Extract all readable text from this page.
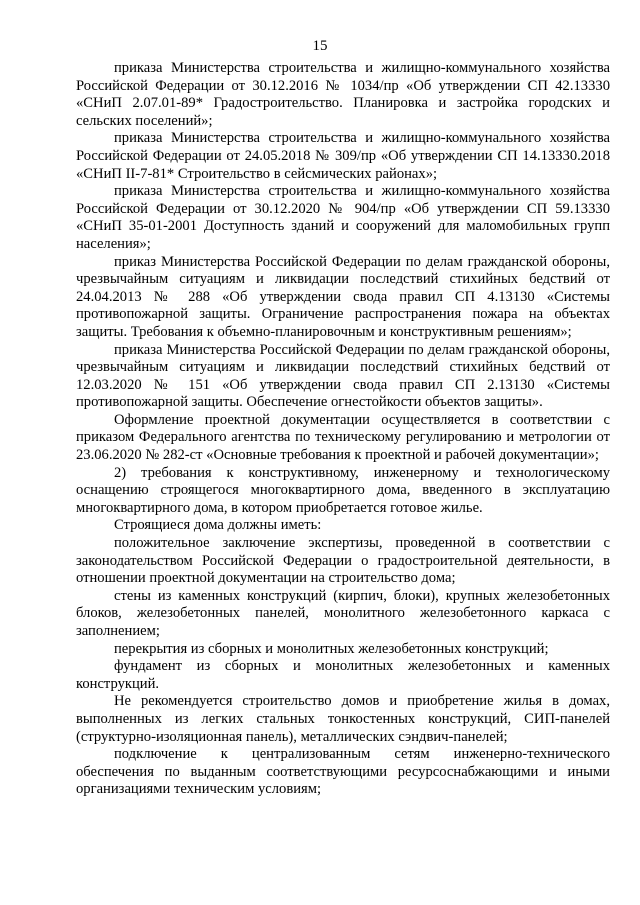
15

приказа Министерства строительства и жилищно-коммунального хозяйства Российской Федерации от 30.12.2016 № 1034/пр «Об утверждении СП 42.13330 «СНиП 2.07.01-89* Градостроительство. Планировка и застройка городских и сельских поселений»;

приказа Министерства строительства и жилищно-коммунального хозяйства Российской Федерации от 24.05.2018 № 309/пр «Об утверждении СП 14.13330.2018 «СНиП II-7-81* Строительство в сейсмических районах»;

приказа Министерства строительства и жилищно-коммунального хозяйства Российской Федерации от 30.12.2020 № 904/пр «Об утверждении СП 59.13330 «СНиП 35-01-2001 Доступность зданий и сооружений для маломобильных групп населения»;

приказ Министерства Российской Федерации по делам гражданской обороны, чрезвычайным ситуациям и ликвидации последствий стихийных бедствий от 24.04.2013 № 288 «Об утверждении свода правил СП 4.13130 «Системы противопожарной защиты. Ограничение распространения пожара на объектах защиты. Требования к объемно-планировочным и конструктивным решениям»;

приказа Министерства Российской Федерации по делам гражданской обороны, чрезвычайным ситуациям и ликвидации последствий стихийных бедствий от 12.03.2020 № 151 «Об утверждении свода правил СП 2.13130 «Системы противопожарной защиты. Обеспечение огнестойкости объектов защиты».

Оформление проектной документации осуществляется в соответствии с приказом Федерального агентства по техническому регулированию и метрологии от 23.06.2020 № 282-ст «Основные требования к проектной и рабочей документации»;

2) требования к конструктивному, инженерному и технологическому оснащению строящегося многоквартирного дома, введенного в эксплуатацию многоквартирного дома, в котором приобретается готовое жилье.

Строящиеся дома должны иметь:

положительное заключение экспертизы, проведенной в соответствии с законодательством Российской Федерации о градостроительной деятельности, в отношении проектной документации на строительство дома;

стены из каменных конструкций (кирпич, блоки), крупных железобетонных блоков, железобетонных панелей, монолитного железобетонного каркаса с заполнением;

перекрытия из сборных и монолитных железобетонных конструкций;

фундамент из сборных и монолитных железобетонных и каменных конструкций.

Не рекомендуется строительство домов и приобретение жилья в домах, выполненных из легких стальных тонкостенных конструкций, СИП-панелей (структурно-изоляционная панель), металлических сэндвич-панелей;

подключение к централизованным сетям инженерно-технического обеспечения по выданным соответствующими ресурсоснабжающими и иными организациями техническим условиям;
